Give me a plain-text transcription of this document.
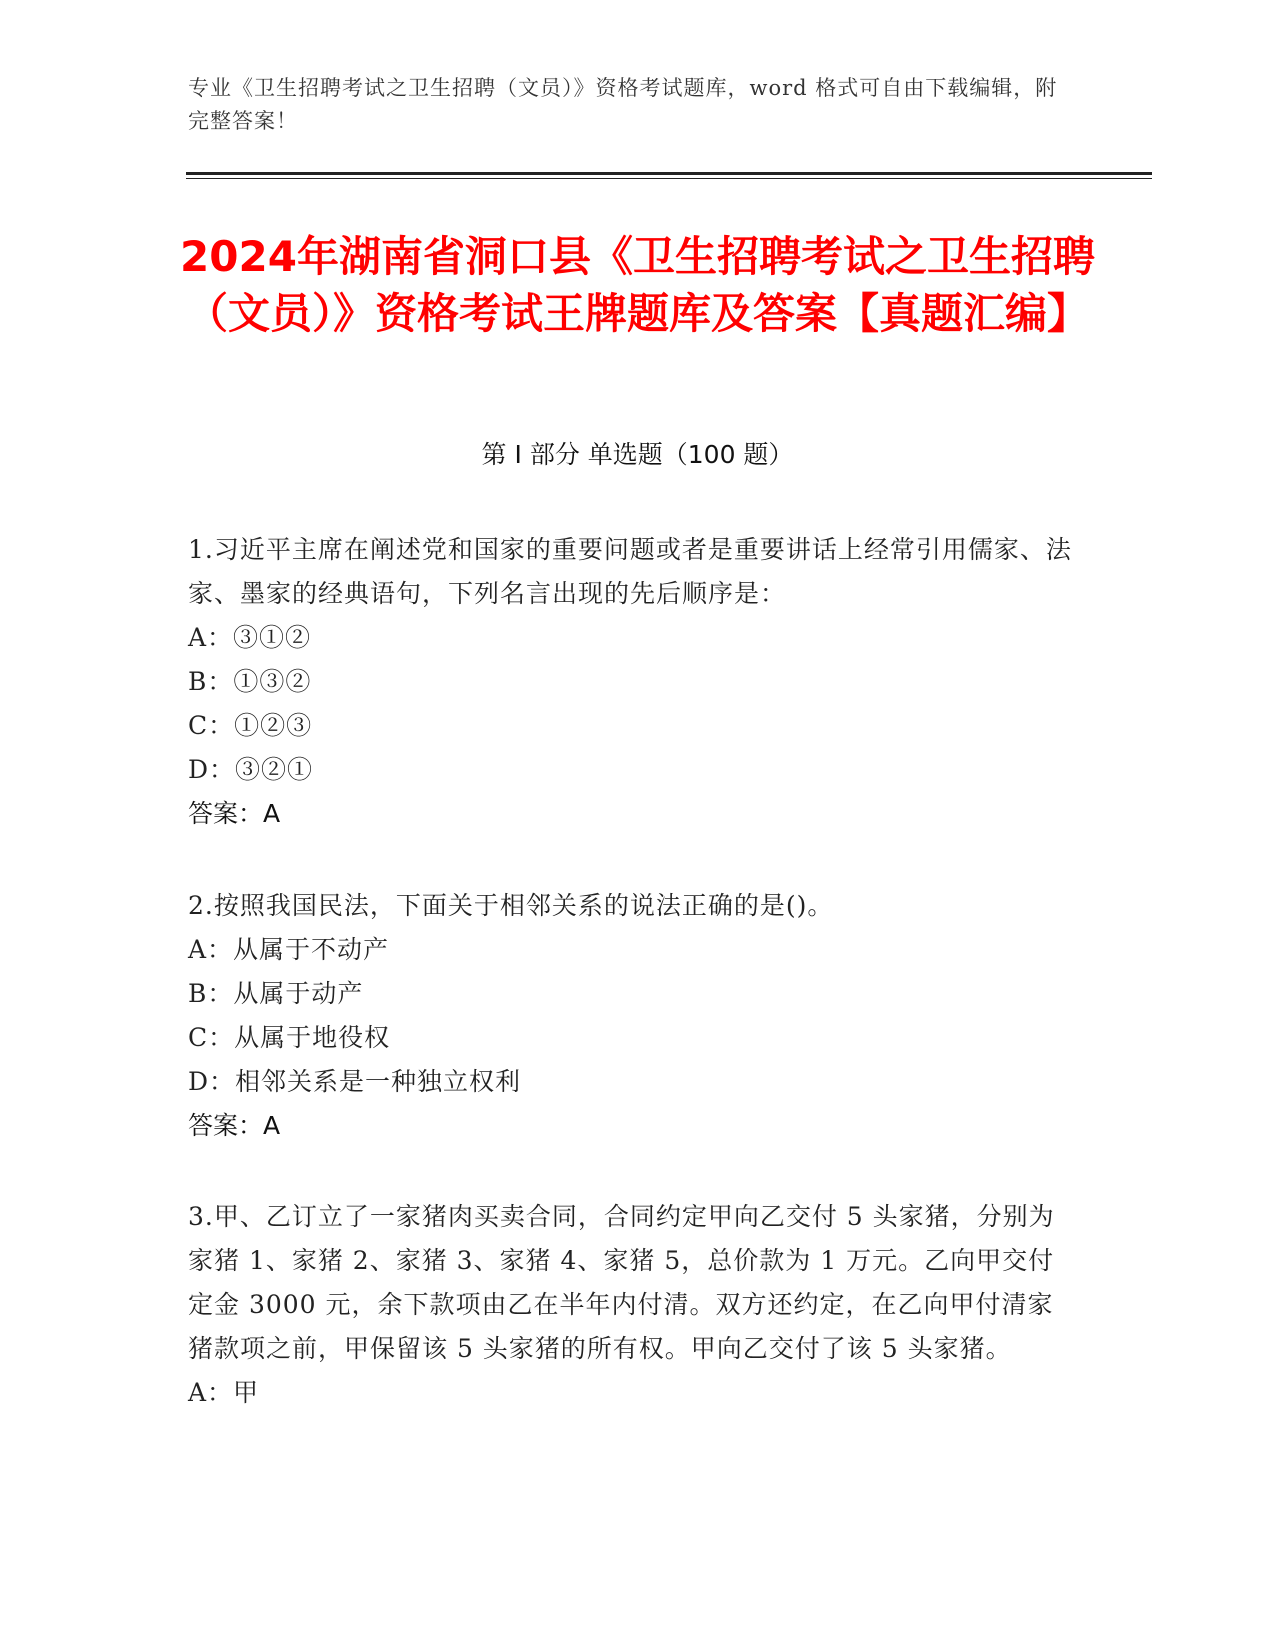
专业《卫生招聘考试之卫生招聘（文员）》资格考试题库，word 格式可自由下载编辑，附完整答案！
2024年湖南省洞口县《卫生招聘考试之卫生招聘（文员）》资格考试王牌题库及答案【真题汇编】
第 I 部分 单选题（100 题）
1.习近平主席在阐述党和国家的重要问题或者是重要讲话上经常引用儒家、法家、墨家的经典语句，下列名言出现的先后顺序是：
A：③①②
B：①③②
C：①②③
D：③②①
答案：A
2.按照我国民法，下面关于相邻关系的说法正确的是()。
A：从属于不动产
B：从属于动产
C：从属于地役权
D：相邻关系是一种独立权利
答案：A
3.甲、乙订立了一家猪肉买卖合同，合同约定甲向乙交付 5 头家猪，分别为家猪 1、家猪 2、家猪 3、家猪 4、家猪 5，总价款为 1 万元。乙向甲交付定金 3000 元，余下款项由乙在半年内付清。双方还约定，在乙向甲付清家猪款项之前，甲保留该 5 头家猪的所有权。甲向乙交付了该 5 头家猪。
A：甲
